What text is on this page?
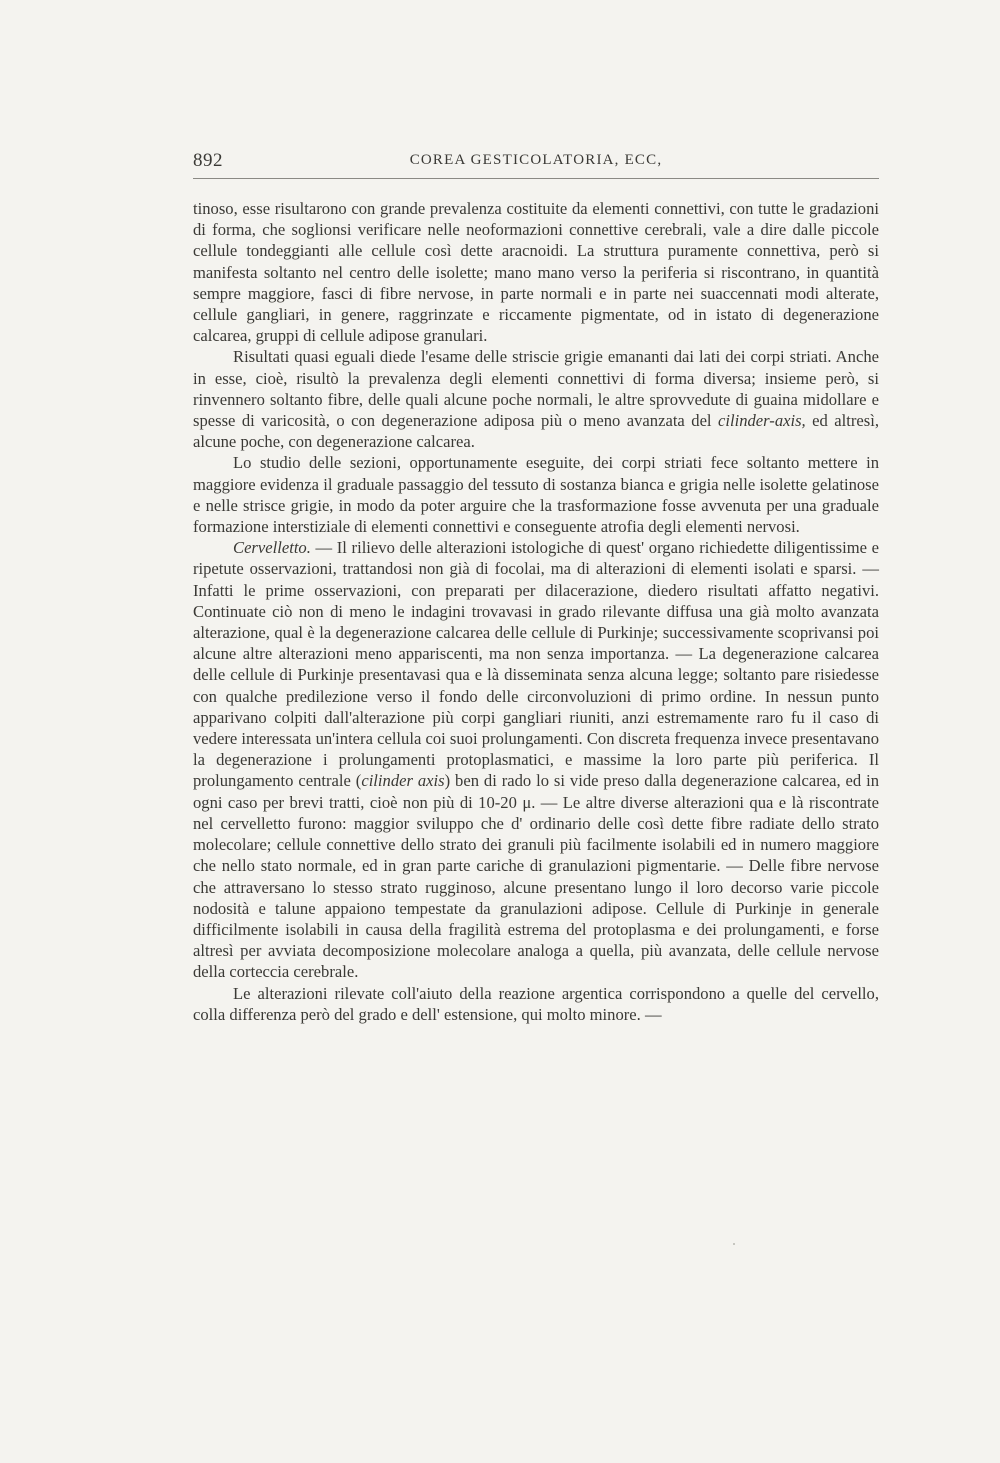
892	COREA GESTICOLATORIA, ECC,

tinoso, esse risultarono con grande prevalenza costituite da elementi connettivi, con tutte le gradazioni di forma, che soglionsi verificare nelle neoformazioni connettive cerebrali, vale a dire dalle piccole cellule tondeggianti alle cellule così dette aracnoidi. La struttura puramente connettiva, però si manifesta soltanto nel centro delle isolette; mano mano verso la periferia si riscontrano, in quantità sempre maggiore, fasci di fibre nervose, in parte normali e in parte nei suaccennati modi alterate, cellule gangliari, in genere, raggrinzate e riccamente pigmentate, od in istato di degenerazione calcarea, gruppi di cellule adipose granulari.

Risultati quasi eguali diede l'esame delle striscie grigie emananti dai lati dei corpi striati. Anche in esse, cioè, risultò la prevalenza degli elementi connettivi di forma diversa; insieme però, si rinvennero soltanto fibre, delle quali alcune poche normali, le altre sprovvedute di guaina midollare e spesse di varicosità, o con degenerazione adiposa più o meno avanzata del cilinder-axis, ed altresì, alcune poche, con degenerazione calcarea.

Lo studio delle sezioni, opportunamente eseguite, dei corpi striati fece soltanto mettere in maggiore evidenza il graduale passaggio del tessuto di sostanza bianca e grigia nelle isolette gelatinose e nelle strisce grigie, in modo da poter arguire che la trasformazione fosse avvenuta per una graduale formazione interstiziale di elementi connettivi e conseguente atrofia degli elementi nervosi.

Cervelletto. — Il rilievo delle alterazioni istologiche di quest' organo richiedette diligentissime e ripetute osservazioni, trattandosi non già di focolai, ma di alterazioni di elementi isolati e sparsi. — Infatti le prime osservazioni, con preparati per dilacerazione, diedero risultati affatto negativi. Continuate ciò non di meno le indagini trovavasi in grado rilevante diffusa una già molto avanzata alterazione, qual è la degenerazione calcarea delle cellule di Purkinje; successivamente scoprivansi poi alcune altre alterazioni meno appariscenti, ma non senza importanza. — La degenerazione calcarea delle cellule di Purkinje presentavasi qua e là disseminata senza alcuna legge; soltanto pare risiedesse con qualche predilezione verso il fondo delle circonvoluzioni di primo ordine. In nessun punto apparivano colpiti dall'alterazione più corpi gangliari riuniti, anzi estremamente raro fu il caso di vedere interessata un'intera cellula coi suoi prolungamenti. Con discreta frequenza invece presentavano la degenerazione i prolungamenti protoplasmatici, e massime la loro parte più periferica. Il prolungamento centrale (cilinder axis) ben di rado lo si vide preso dalla degenerazione calcarea, ed in ogni caso per brevi tratti, cioè non più di 10-20 μ. — Le altre diverse alterazioni qua e là riscontrate nel cervelletto furono: maggior sviluppo che d' ordinario delle così dette fibre radiate dello strato molecolare; cellule connettive dello strato dei granuli più facilmente isolabili ed in numero maggiore che nello stato normale, ed in gran parte cariche di granulazioni pigmentarie. — Delle fibre nervose che attraversano lo stesso strato rugginoso, alcune presentano lungo il loro decorso varie piccole nodosità e talune appaiono tempestate da granulazioni adipose. Cellule di Purkinje in generale difficilmente isolabili in causa della fragilità estrema del protoplasma e dei prolungamenti, e forse altresì per avviata decomposizione molecolare analoga a quella, più avanzata, delle cellule nervose della corteccia cerebrale.

Le alterazioni rilevate coll'aiuto della reazione argentica corrispondono a quelle del cervello, colla differenza però del grado e dell' estensione, qui molto minore. —
